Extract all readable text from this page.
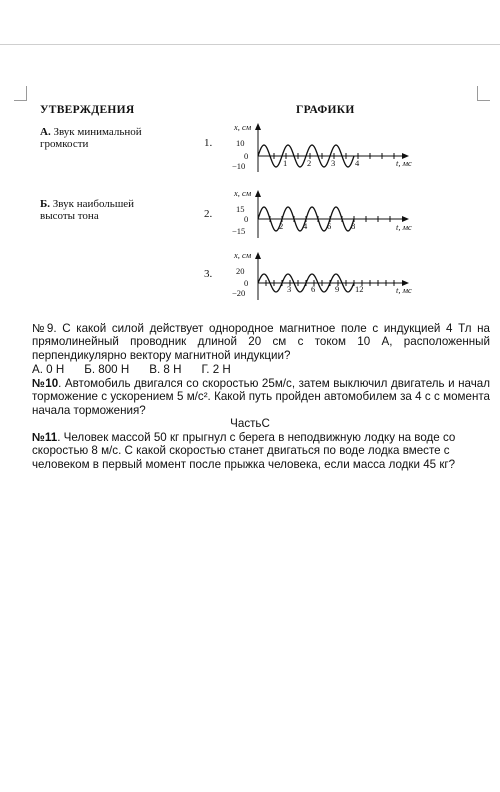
УТВЕРЖДЕНИЯ	ГРАФИКИ
А. Звук минимальной
громкости
Б. Звук наибольшей
высоты тона
1.
2.
3.
x, см
10
0
−10	1 2 3 4	t, мс
x, см
15
0
−15	2 4 6 8	t, мс
x, см
20
0
−20	3 6 9 12	t, мс
№9. С какой силой действует однородное магнитное поле с индукцией 4 Тл на прямолинейный проводник длиной 20 см с током 10 А, расположенный перпендикулярно вектору магнитной индукции?
А. 0 Н Б. 800 Н В. 8 Н Г. 2 Н
№10. Автомобиль двигался со скоростью 25м/с, затем выключил двигатель и начал торможение с ускорением 5 м/с². Какой путь пройден автомобилем за 4 с с момента начала торможения?
ЧастьС
№11. Человек массой 50 кг прыгнул с берега в неподвижную лодку на воде со скоростью 8 м/с. С какой скоростью станет двигаться по воде лодка вместе с человеком в первый момент после прыжка человека, если масса лодки 45 кг?
